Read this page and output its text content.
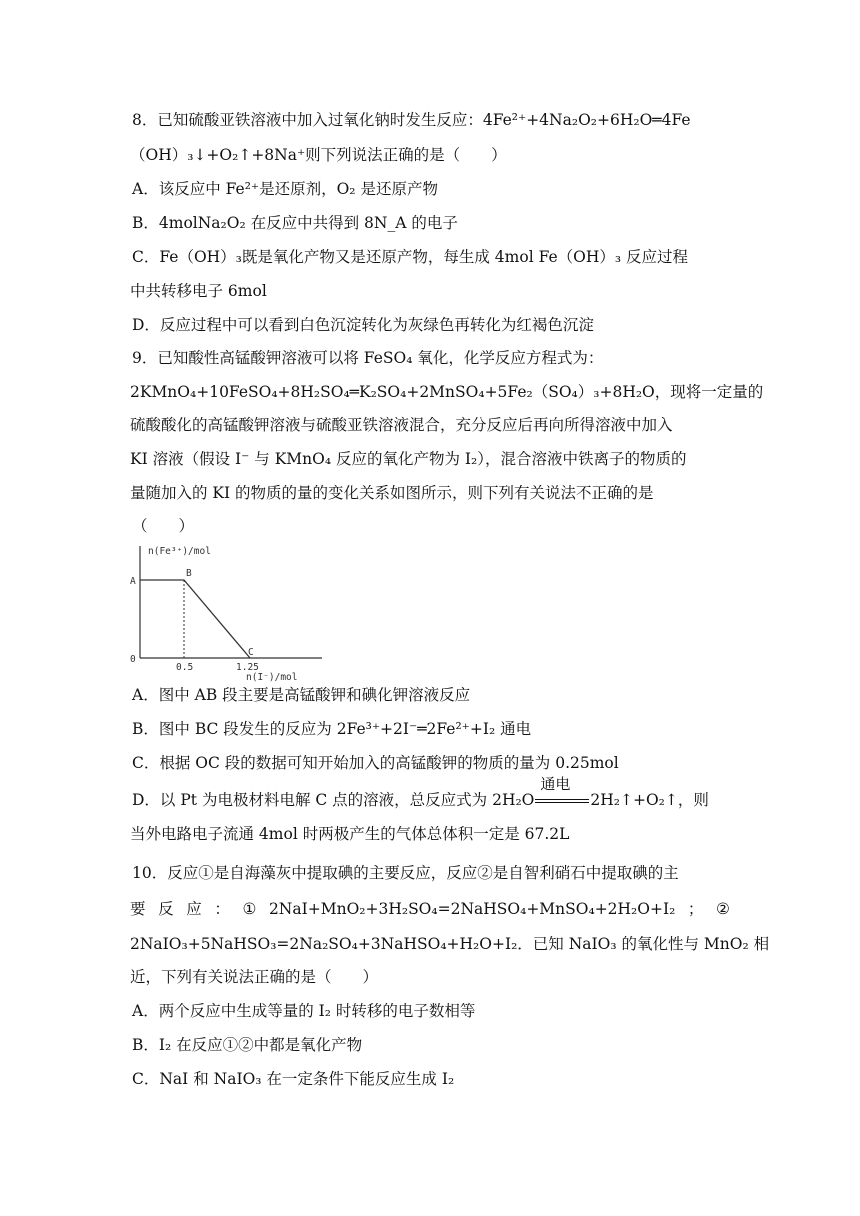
8．已知硫酸亚铁溶液中加入过氧化钠时发生反应：4Fe²⁺+4Na₂O₂+6H₂O═4Fe
（OH）₃↓+O₂↑+8Na⁺则下列说法正确的是（　　）
A．该反应中 Fe²⁺是还原剂，O₂ 是还原产物
B．4molNa₂O₂ 在反应中共得到 8N_A 的电子
C．Fe（OH）₃既是氧化产物又是还原产物，每生成 4mol Fe（OH）₃ 反应过程
中共转移电子 6mol
D．反应过程中可以看到白色沉淀转化为灰绿色再转化为红褐色沉淀
9．已知酸性高锰酸钾溶液可以将 FeSO₄ 氧化，化学反应方程式为：
2KMnO₄+10FeSO₄+8H₂SO₄═K₂SO₄+2MnSO₄+5Fe₂（SO₄）₃+8H₂O，现将一定量的
硫酸酸化的高锰酸钾溶液与硫酸亚铁溶液混合，充分反应后再向所得溶液中加入
KI 溶液（假设 I⁻ 与 KMnO₄ 反应的氧化产物为 I₂），混合溶液中铁离子的物质的
量随加入的 KI 的物质的量的变化关系如图所示，则下列有关说法不正确的是
（　　）
n(Fe³⁺)/mol
n(I⁻)/mol
0
A
B
C
0.5	1.25
A．图中 AB 段主要是高锰酸钾和碘化钾溶液反应
B．图中 BC 段发生的反应为 2Fe³⁺+2I⁻═2Fe²⁺+I₂ 通电
C．根据 OC 段的数据可知开始加入的高锰酸钾的物质的量为 0.25mol
D．以 Pt 为电极材料电解 C 点的溶液，总反应式为 2H₂O
通电
2H₂↑+O₂↑，则
当外电路电子流通 4mol 时两极产生的气体总体积一定是 67.2L
10．反应①是自海藻灰中提取碘的主要反应，反应②是自智利硝石中提取碘的主
要 反 应 ： ① 2NaI+MnO₂+3H₂SO₄=2NaHSO₄+MnSO₄+2H₂O+I₂ ； ②
2NaIO₃+5NaHSO₃=2Na₂SO₄+3NaHSO₄+H₂O+I₂．已知 NaIO₃ 的氧化性与 MnO₂ 相
近，下列有关说法正确的是（　　）
A．两个反应中生成等量的 I₂ 时转移的电子数相等
B．I₂ 在反应①②中都是氧化产物
C．NaI 和 NaIO₃ 在一定条件下能反应生成 I₂
